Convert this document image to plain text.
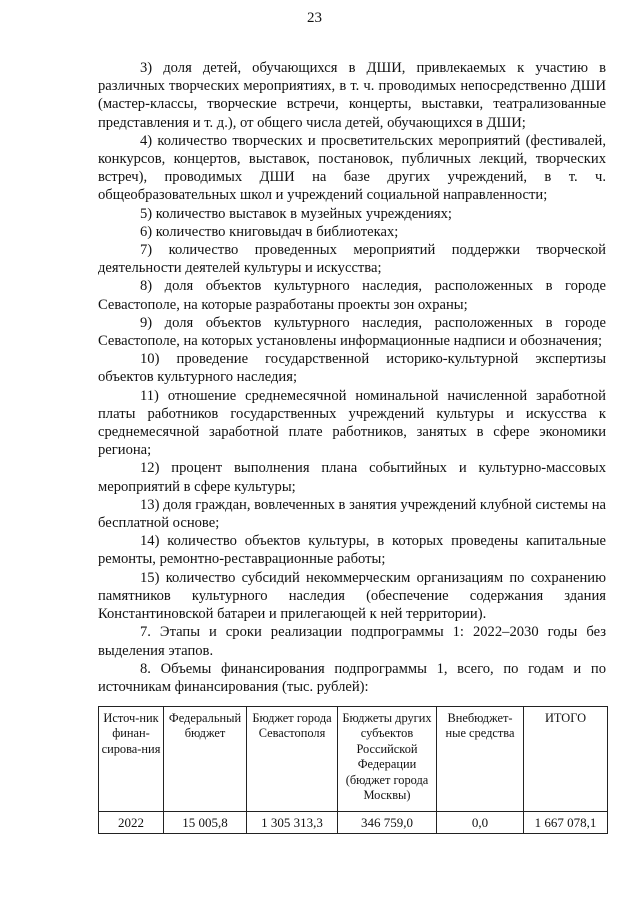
23

3) доля детей, обучающихся в ДШИ, привлекаемых к участию в различных творческих мероприятиях, в т. ч. проводимых непосредственно ДШИ (мастер-классы, творческие встречи, концерты, выставки, театрализованные представления и т. д.), от общего числа детей, обучающихся в ДШИ;

4) количество творческих и просветительских мероприятий (фестивалей, конкурсов, концертов, выставок, постановок, публичных лекций, творческих встреч), проводимых ДШИ на базе других учреждений, в т. ч. общеобразовательных школ и учреждений социальной направленности;

5) количество выставок в музейных учреждениях;

6) количество книговыдач в библиотеках;

7) количество проведенных мероприятий поддержки творческой деятельности деятелей культуры и искусства;

8) доля объектов культурного наследия, расположенных в городе Севастополе, на которые разработаны проекты зон охраны;

9) доля объектов культурного наследия, расположенных в городе Севастополе, на которых установлены информационные надписи и обозначения;

10) проведение государственной историко-культурной экспертизы объектов культурного наследия;

11) отношение среднемесячной номинальной начисленной заработной платы работников государственных учреждений культуры и искусства к среднемесячной заработной плате работников, занятых в сфере экономики региона;

12) процент выполнения плана событийных и культурно-массовых мероприятий в сфере культуры;

13) доля граждан, вовлеченных в занятия учреждений клубной системы на бесплатной основе;

14) количество объектов культуры, в которых проведены капитальные ремонты, ремонтно-реставрационные работы;

15) количество субсидий некоммерческим организациям по сохранению памятников культурного наследия (обеспечение содержания здания Константиновской батареи и прилегающей к ней территории).

7. Этапы и сроки реализации подпрограммы 1: 2022–2030 годы без выделения этапов.

8. Объемы финансирования подпрограммы 1, всего, по годам и по источникам финансирования (тыс. рублей):

Источ-ник финан-сирова-ния	Федеральный бюджет	Бюджет города Севастополя	Бюджеты других субъектов Российской Федерации (бюджет города Москвы)	Внебюджет-ные средства	ИТОГО
2022	15 005,8	1 305 313,3	346 759,0	0,0	1 667 078,1
